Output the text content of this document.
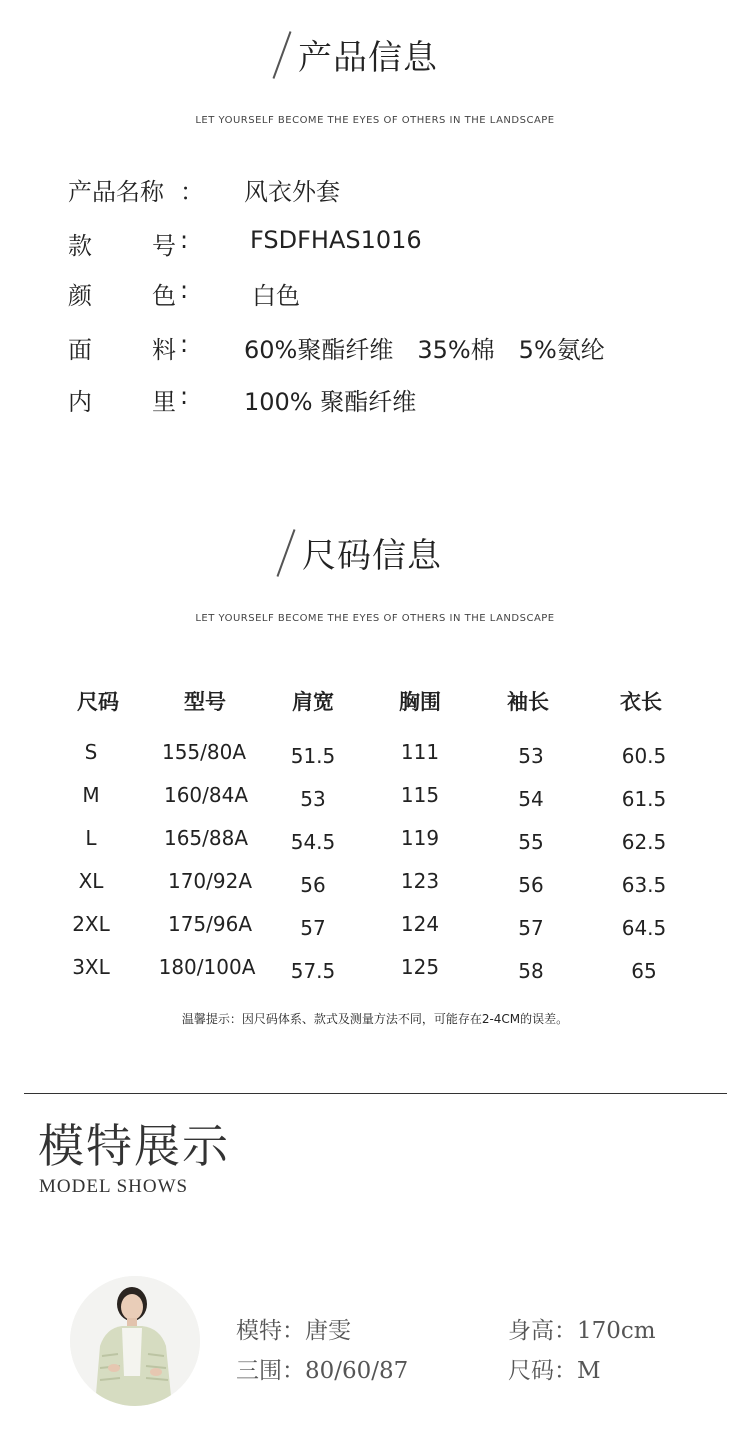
产品信息
LET YOURSELF BECOME THE EYES OF OTHERS IN THE LANDSCAPE
产品名称 ： 风衣外套
款	号 :	FSDFHAS1016
颜	色 :	白色
面	料 : 60%聚酯纤维　35%棉　5%氨纶
内	里 : 100% 聚酯纤维
尺码信息
LET YOURSELF BECOME THE EYES OF OTHERS IN THE LANDSCAPE
尺码	型号	肩宽	胸围	袖长	衣长
S	155/80A	51.5	111	53	60.5
M	160/84A	53	115	54	61.5
L	165/88A	54.5	119	55	62.5
XL	170/92A	56	123	56	63.5
2XL	175/96A	57	124	57	64.5
3XL	180/100A	57.5	125	58	65
温馨提示：因尺码体系、款式及测量方法不同，可能存在2-4CM的误差。
模特展示
MODEL SHOWS
模特：唐雯	身高：170cm
三围：80/60/87	尺码：M
